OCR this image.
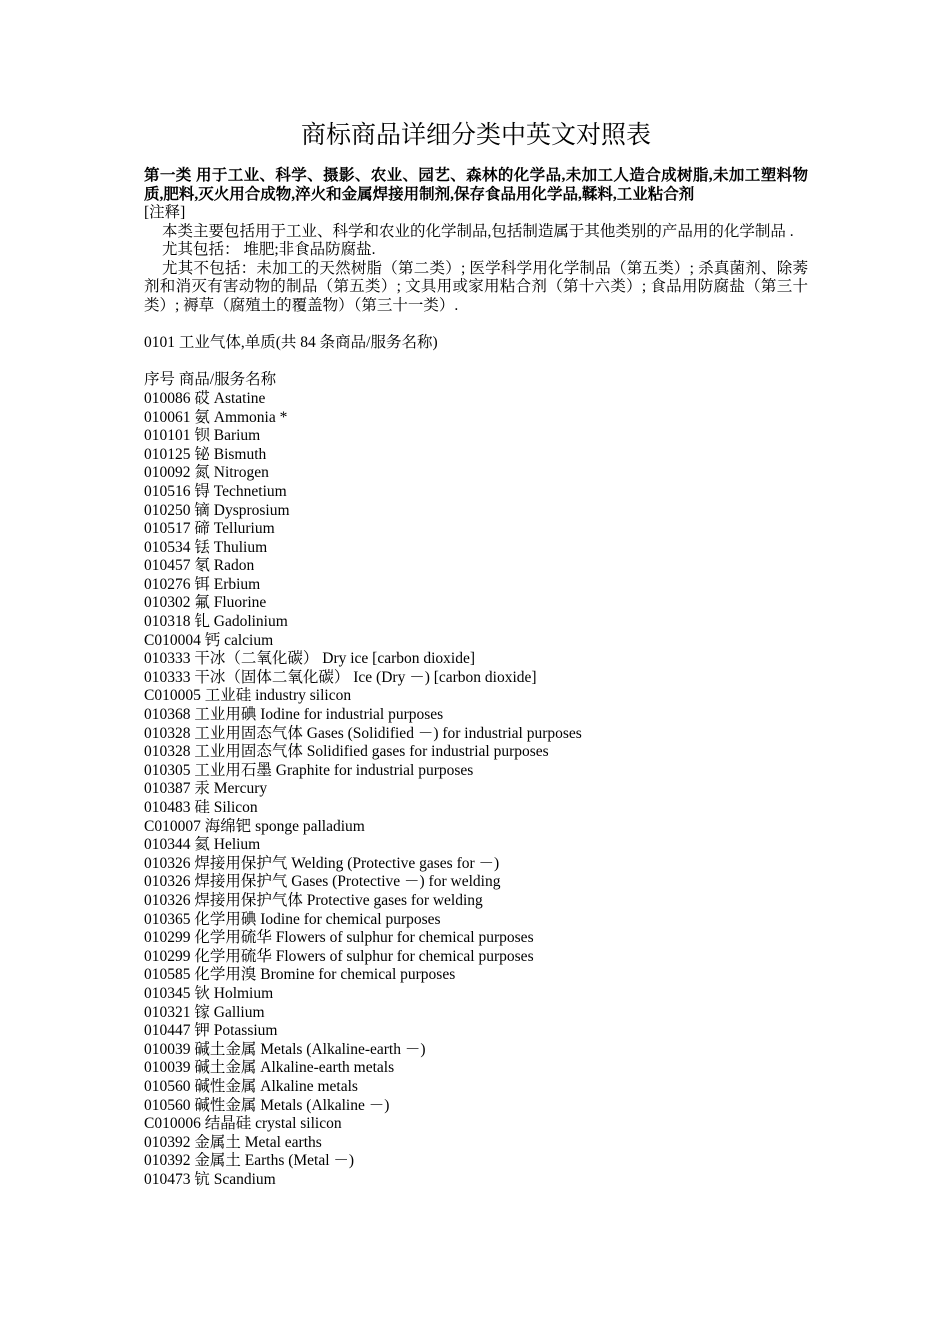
商标商品详细分类中英文对照表
第一类 用于工业、科学、摄影、农业、园艺、森林的化学品,未加工人造合成树脂,未加工塑料物质,肥料,灭火用合成物,淬火和金属焊接用制剂,保存食品用化学品,鞣料,工业粘合剂
[注释]
本类主要包括用于工业、科学和农业的化学制品,包括制造属于其他类别的产品用的化学制品 .
尤其包括： 堆肥;非食品防腐盐.
尤其不包括：未加工的天然树脂（第二类）; 医学科学用化学制品（第五类）; 杀真菌剂、除莠剂和消灭有害动物的制品（第五类）; 文具用或家用粘合剂（第十六类）; 食品用防腐盐（第三十类）; 褥草（腐殖土的覆盖物）（第三十一类）.
0101 工业气体,单质(共 84 条商品/服务名称)
序号 商品/服务名称
010086 砹 Astatine
010061 氨 Ammonia *
010101 钡 Barium
010125 铋 Bismuth
010092 氮 Nitrogen
010516 锝 Technetium
010250 镝 Dysprosium
010517 碲 Tellurium
010534 铥 Thulium
010457 氡 Radon
010276 铒 Erbium
010302 氟 Fluorine
010318 钆 Gadolinium
C010004 钙 calcium
010333 干冰（二氧化碳） Dry ice [carbon dioxide]
010333 干冰（固体二氧化碳） Ice (Dry －) [carbon dioxide]
C010005 工业硅 industry silicon
010368 工业用碘 Iodine for industrial purposes
010328 工业用固态气体 Gases (Solidified －) for industrial purposes
010328 工业用固态气体 Solidified gases for industrial purposes
010305 工业用石墨 Graphite for industrial purposes
010387 汞 Mercury
010483 硅 Silicon
C010007 海绵钯 sponge palladium
010344 氦 Helium
010326 焊接用保护气 Welding (Protective gases for －)
010326 焊接用保护气 Gases (Protective －) for welding
010326 焊接用保护气体 Protective gases for welding
010365 化学用碘 Iodine for chemical purposes
010299 化学用硫华 Flowers of sulphur for chemical purposes
010299 化学用硫华 Flowers of sulphur for chemical purposes
010585 化学用溴 Bromine for chemical purposes
010345 钬 Holmium
010321 镓 Gallium
010447 钾 Potassium
010039 碱土金属 Metals (Alkaline-earth －)
010039 碱土金属 Alkaline-earth metals
010560 碱性金属 Alkaline metals
010560 碱性金属 Metals (Alkaline －)
C010006 结晶硅 crystal silicon
010392 金属土 Metal earths
010392 金属土 Earths (Metal －)
010473 钪 Scandium
